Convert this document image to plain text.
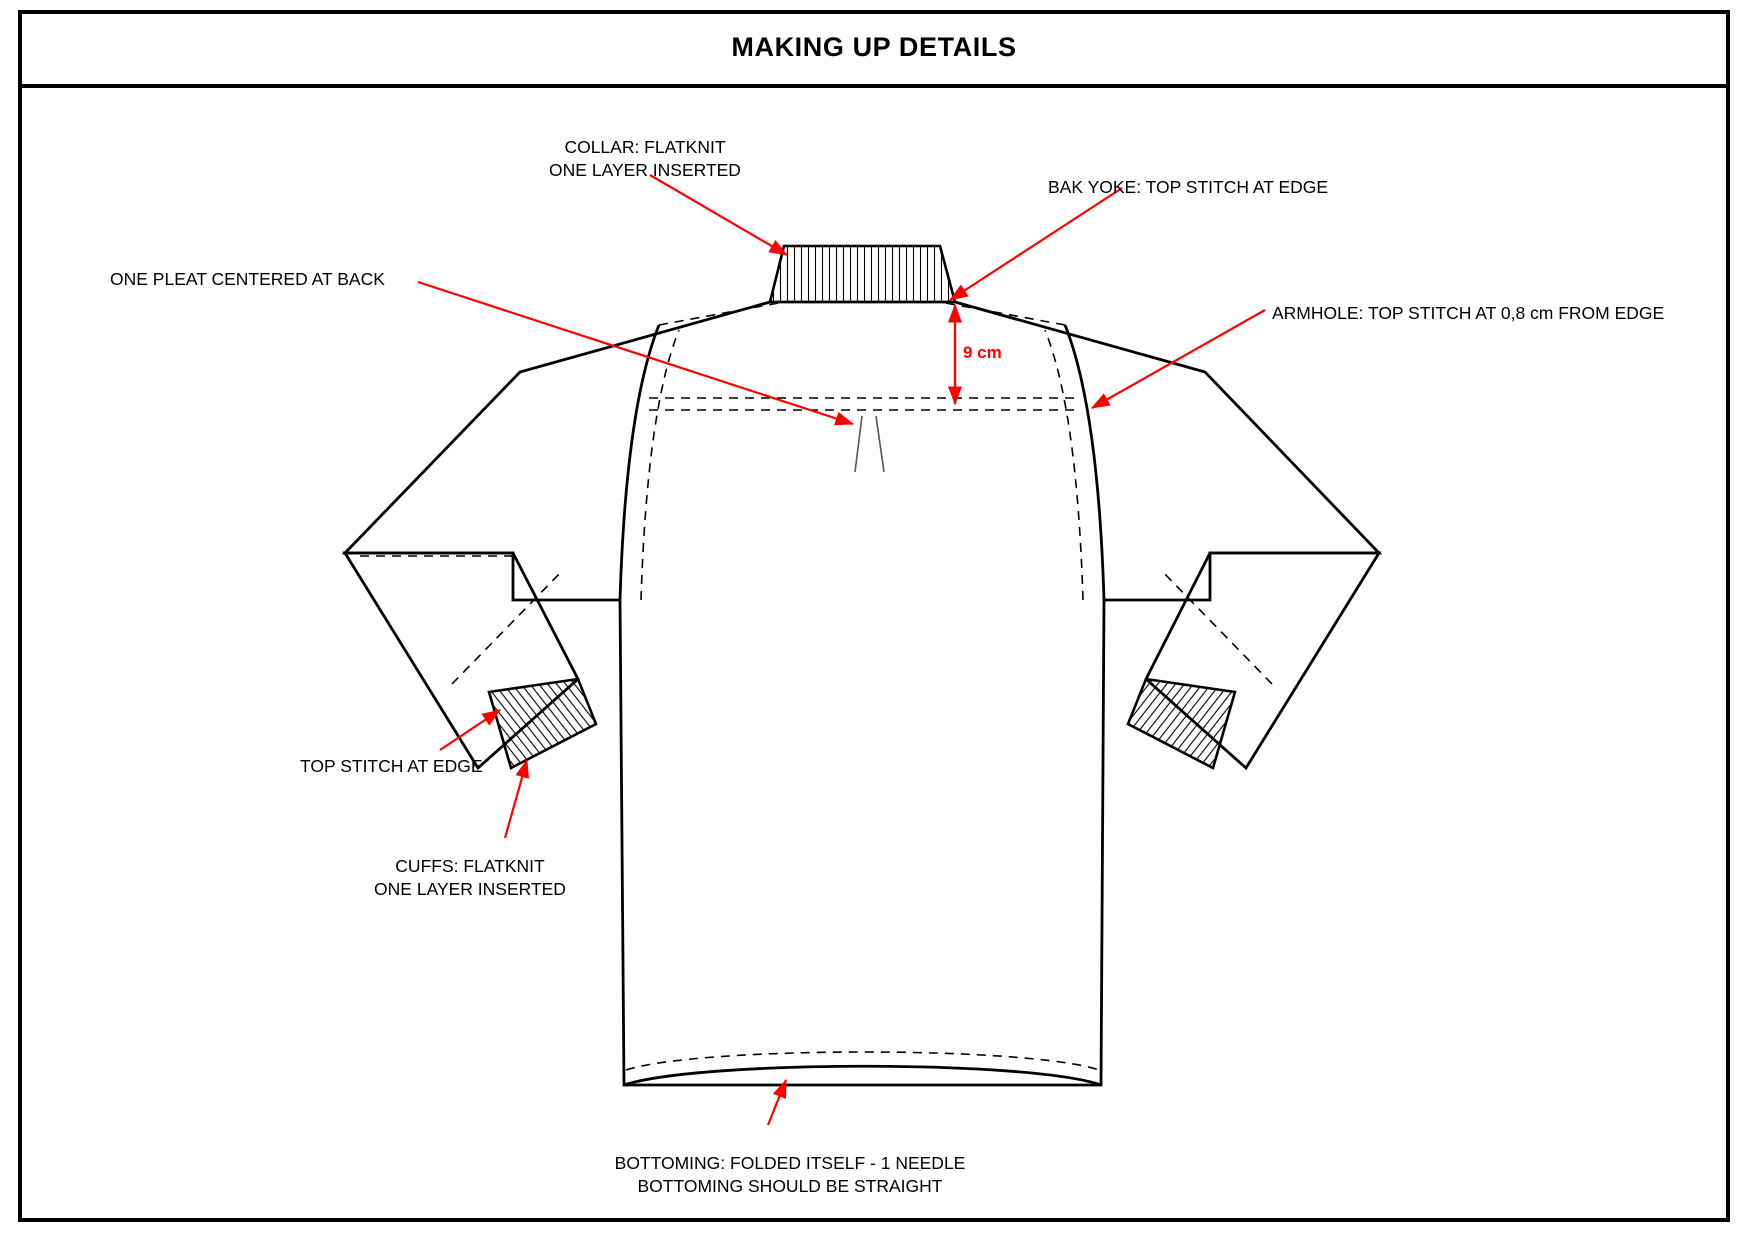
MAKING UP DETAILS
COLLAR: FLATKNIT
ONE LAYER INSERTED
BAK YOKE: TOP STITCH AT EDGE
ARMHOLE: TOP STITCH AT 0,8 cm FROM EDGE
ONE PLEAT CENTERED AT BACK
TOP STITCH AT EDGE
CUFFS: FLATKNIT
ONE LAYER INSERTED
BOTTOMING: FOLDED ITSELF - 1 NEEDLE
BOTTOMING SHOULD BE STRAIGHT
9 cm
